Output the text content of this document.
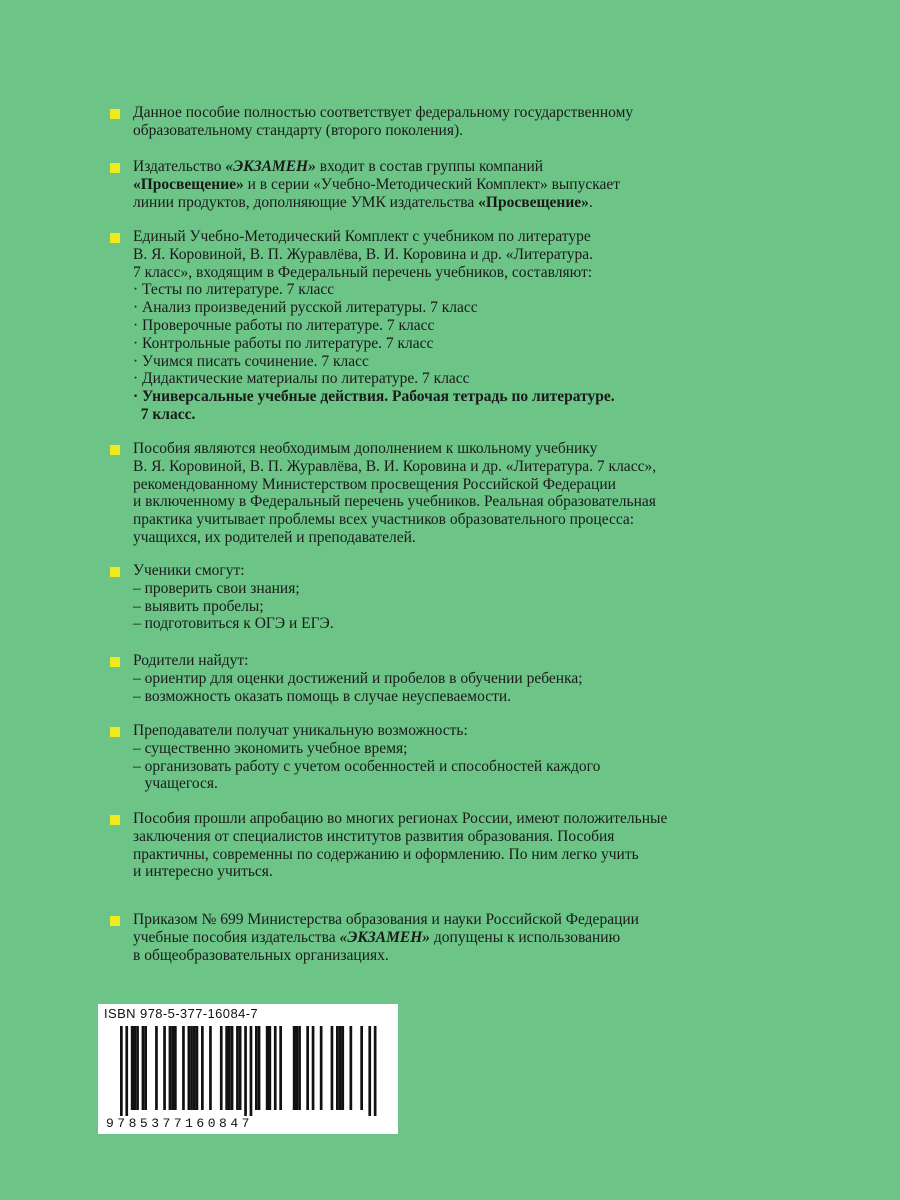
Данное пособие полностью соответствует федеральному государственному
образовательному стандарту (второго поколения).
Издательство «ЭКЗАМЕН» входит в состав группы компаний
«Просвещение» и в серии «Учебно-Методический Комплект» выпускает
линии продуктов, дополняющие УМК издательства «Просвещение».
Единый Учебно-Методический Комплект с учебником по литературе
В. Я. Коровиной, В. П. Журавлёва, В. И. Коровина и др. «Литература.
7 класс», входящим в Федеральный перечень учебников, составляют:
· Тесты по литературе. 7 класс
· Анализ произведений русской литературы. 7 класс
· Проверочные работы по литературе. 7 класс
· Контрольные работы по литературе. 7 класс
· Учимся писать сочинение. 7 класс
· Дидактические материалы по литературе. 7 класс
· Универсальные учебные действия. Рабочая тетрадь по литературе.
7 класс.
Пособия являются необходимым дополнением к школьному учебнику
В. Я. Коровиной, В. П. Журавлёва, В. И. Коровина и др. «Литература. 7 класс»,
рекомендованному Министерством просвещения Российской Федерации
и включенному в Федеральный перечень учебников. Реальная образовательная
практика учитывает проблемы всех участников образовательного процесса:
учащихся, их родителей и преподавателей.
Ученики смогут:
– проверить свои знания;
– выявить пробелы;
– подготовиться к ОГЭ и ЕГЭ.
Родители найдут:
– ориентир для оценки достижений и пробелов в обучении ребенка;
– возможность оказать помощь в случае неуспеваемости.
Преподаватели получат уникальную возможность:
– существенно экономить учебное время;
– организовать работу с учетом особенностей и способностей каждого
учащегося.
Пособия прошли апробацию во многих регионах России, имеют положительные
заключения от специалистов институтов развития образования. Пособия
практичны, современны по содержанию и оформлению. По ним легко учить
и интересно учиться.
Приказом № 699 Министерства образования и науки Российской Федерации
учебные пособия издательства «ЭКЗАМЕН» допущены к использованию
в общеобразовательных организациях.
ISBN 978-5-377-16084-7
9785377160847
